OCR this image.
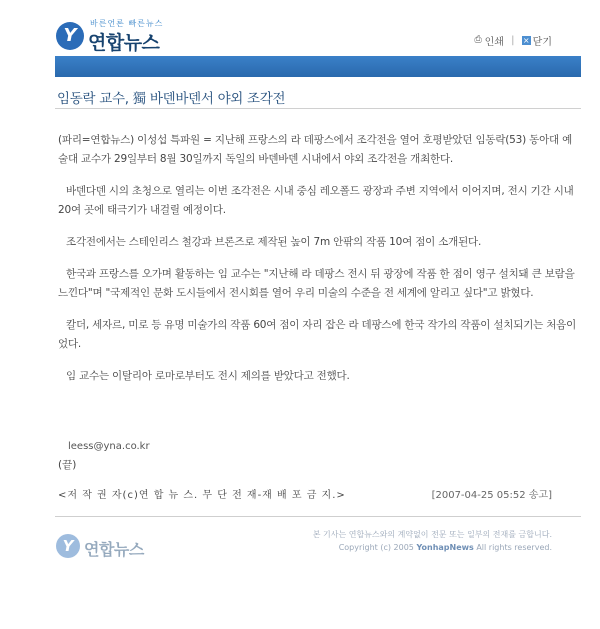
Y
바른언론 빠른뉴스
연합뉴스	⎙ 인쇄 | × 닫기
임동락 교수, 獨 바덴바덴서 야외 조각전

(파리=연합뉴스) 이성섭 특파원 = 지난해 프랑스의 라 데팡스에서 조각전을 열어 호평받았던 임동락(53) 동아대 예술대 교수가 29일부터 8월 30일까지 독일의 바덴바덴 시내에서 야외 조각전을 개최한다.

바덴다덴 시의 초청으로 열리는 이번 조각전은 시내 중심 레오폴드 광장과 주변 지역에서 이어지며, 전시 기간 시내 20여 곳에 태극기가 내걸릴 예정이다.

조각전에서는 스테인리스 철강과 브론즈로 제작된 높이 7m 안팎의 작품 10여 점이 소개된다.

한국과 프랑스를 오가며 활동하는 임 교수는 "지난해 라 데팡스 전시 뒤 광장에 작품 한 점이 영구 설치돼 큰 보람을 느낀다"며 "국제적인 문화 도시들에서 전시회를 열어 우리 미술의 수준을 전 세계에 알리고 싶다"고 밝혔다.

칼더, 세자르, 미로 등 유명 미술가의 작품 60여 점이 자리 잡은 라 데팡스에 한국 작가의 작품이 설치되기는 처음이었다.

임 교수는 이탈리아 로마로부터도 전시 제의를 받았다고 전했다.

leess@yna.co.kr
(끝)
<저 작 권 자(c)연 합 뉴 스. 무 단 전 재-재 배 포 금 지.>	[2007-04-25 05:52 송고]
Y 연합뉴스
본 기사는 연합뉴스와의 계약없이 전문 또는 일부의 전재를 금합니다.
Copyright (c) 2005 YonhapNews All rights reserved.
